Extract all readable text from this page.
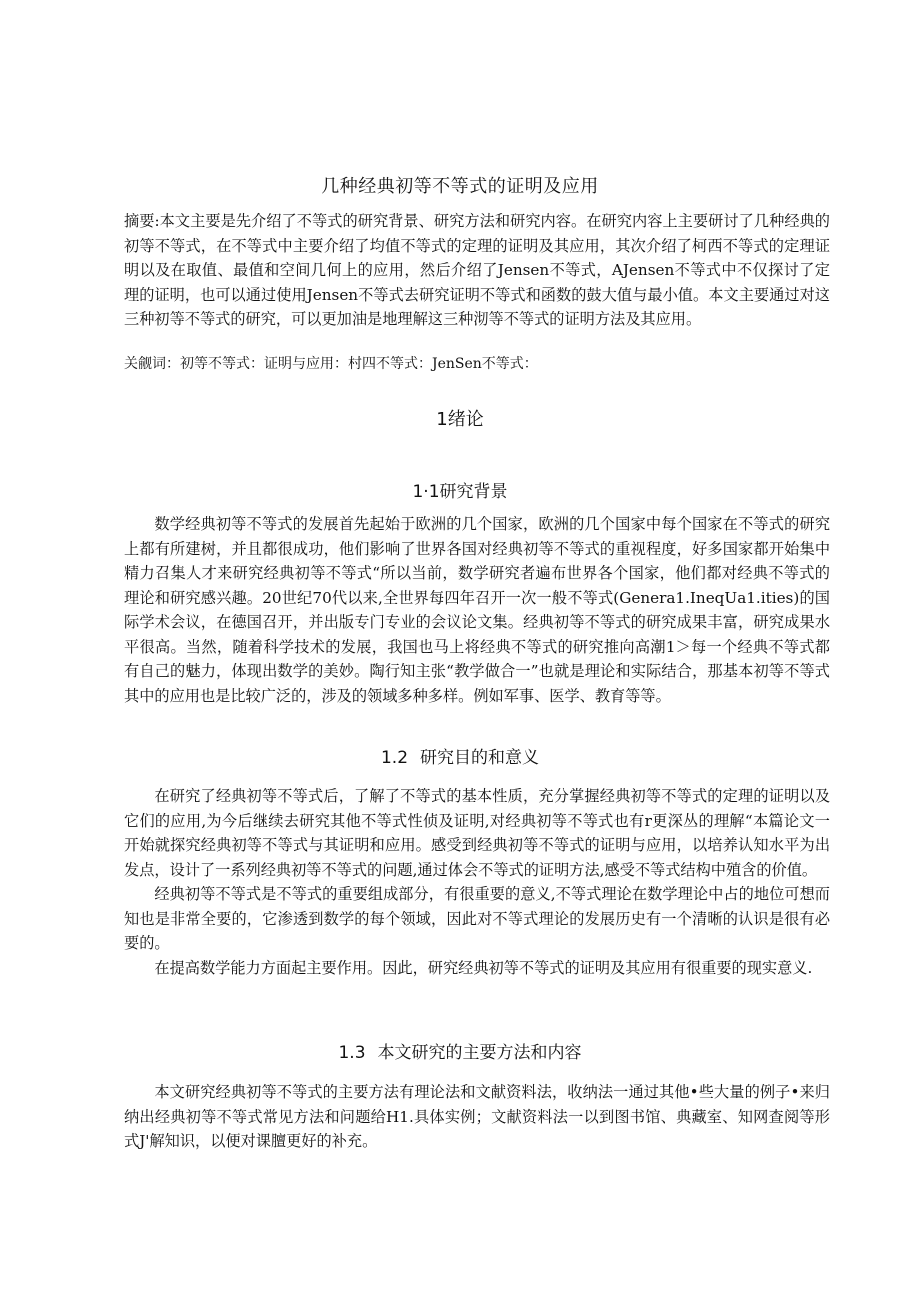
几种经典初等不等式的证明及应用

摘要:本文主要是先介绍了不等式的研究背景、研究方法和研究内容。在研究内容上主要研讨了几种经典的初等不等式，在不等式中主要介绍了均值不等式的定理的证明及其应用，其次介绍了柯西不等式的定理证明以及在取值、最值和空间几何上的应用，然后介绍了Jensen不等式，AJensen不等式中不仅探讨了定理的证明，也可以通过使用Jensen不等式去研究证明不等式和函数的鼓大值与最小值。本文主要通过对这三种初等不等式的研究，可以更加油是地理解这三种沏等不等式的证明方法及其应用。

关觎词：初等不等式：证明与应用：村四不等式：JenSen不等式：
1绪论
1·1研究背景

数学经典初等不等式的发展首先起始于欧洲的几个国家，欧洲的几个国家中每个国家在不等式的研究上都有所建树，并且都很成功，他们影响了世界各国对经典初等不等式的重视程度，好多国家都开始集中精力召集人才来研究经典初等不等式“所以当前，数学研究者遍布世界各个国家，他们都对经典不等式的理论和研究感兴趣。20世纪70代以来,全世界每四年召开一次一般不等式(Genera1.IneqUa1.ities)的国际学术会议，在德国召开，并出版专门专业的会议论文集。经典初等不等式的研究成果丰富，研究成果水平很高。当然，随着科学技术的发展，我国也马上将经典不等式的研究推向高潮1＞每一个经典不等式都有自己的魅力，体现出数学的美妙。陶行知主张“教学做合一”也就是理论和实际结合，那基本初等不等式其中的应用也是比较广泛的，涉及的领域多种多样。例如军事、医学、教育等等。

1.2 研究目的和意义

在研究了经典初等不等式后，了解了不等式的基本性质，充分掌握经典初等不等式的定理的证明以及它们的应用,为今后继续去研究其他不等式性侦及证明,对经典初等不等式也有r更深丛的理解“本篇论文一开始就探究经典初等不等式与其证明和应用。感受到经典初等不等式的证明与应用，以培养认知水平为出发点，设计了一系列经典初等不等式的问题,通过体会不等式的证明方法,感受不等式结构中殖含的价值。

经典初等不等式是不等式的重要组成部分，有很重要的意义,不等式理论在数学理论中占的地位可想而知也是非常全要的，它渗透到数学的每个领域，因此对不等式理论的发展历史有一个清晰的认识是很有必要的。

在提高数学能力方面起主要作用。因此，研究经典初等不等式的证明及其应用有很重要的现实意义.

1.3 本文研究的主要方法和内容

本文研究经典初等不等式的主要方法有理论法和文献资料法，收纳法一通过其他•些大量的例子•来归纳出经典初等不等式常见方法和问题给H1.具体实例；文献资料法一以到图书馆、典藏室、知网查阅等形式J'解知识，以便对课膻更好的补充。
